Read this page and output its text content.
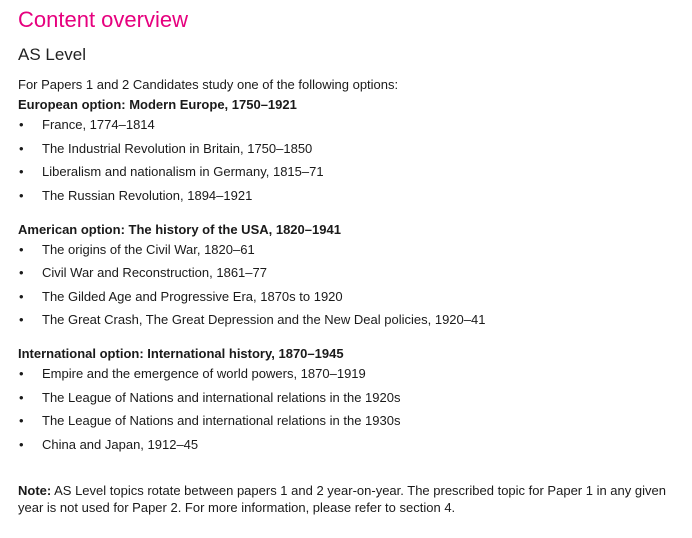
Content overview
AS Level

For Papers 1 and 2 Candidates study one of the following options:

European option: Modern Europe, 1750–1921
• France, 1774–1814
• The Industrial Revolution in Britain, 1750–1850
• Liberalism and nationalism in Germany, 1815–71
• The Russian Revolution, 1894–1921
American option: The history of the USA, 1820–1941
• The origins of the Civil War, 1820–61
• Civil War and Reconstruction, 1861–77
• The Gilded Age and Progressive Era, 1870s to 1920
• The Great Crash, The Great Depression and the New Deal policies, 1920–41
International option: International history, 1870–1945
• Empire and the emergence of world powers, 1870–1919
• The League of Nations and international relations in the 1920s
• The League of Nations and international relations in the 1930s
• China and Japan, 1912–45

Note: AS Level topics rotate between papers 1 and 2 year-on-year. The prescribed topic for Paper 1 in any given year is not used for Paper 2. For more information, please refer to section 4.
